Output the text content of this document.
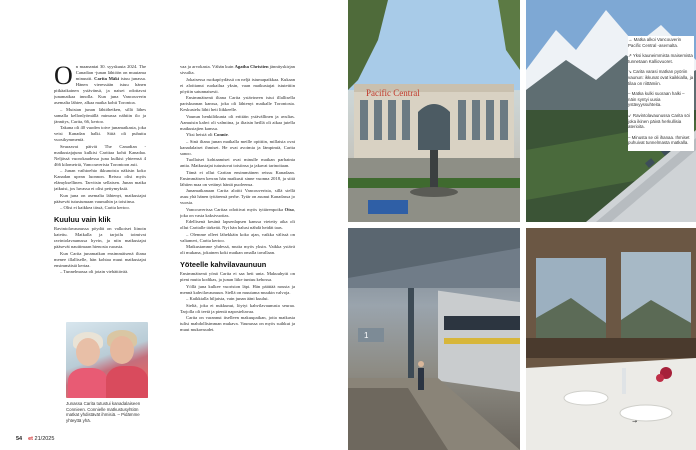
O n maanantai 30. syyskuuta 2024. The Canadian -junan lähtöön on muutama minuutti. Carita Mäki istuu junassa. Hänen vieressään istuu hänen pitkäaikainen ystävänsä, ja naiset odottavat junamatkaa innolla. Kun juna Vancouverin asemalta lähtee, alkaa matka kohti Torontoa.

– Muistan junan lähtöhetken, sillä lähes samalla kellonlyömällä minussa nähtiin ilo ja jännitys, Carita, 66, kertoo.

Takana oli 40 vuoden toive junamatkasta, joka veisi Kanadan halki. Siitä oli puhuttu vuosikymmeniä.

Seuraavat päivät The Canadian -matkustajajuna kulkisi Carittaa kohti Kanadaa. Neljässä vuorokaudessa juna kulkisi yhteensä 4 466 kilometriä, Vancouverista Torontoon asti.

– Junan vaihtoehto ikkunoista näkisin koko Kanadan upean luonnon. Reissu olisi myös elämyksellinen. Tarvitsin sellaisen. Junan matka jatkuisi, jos luvassa ei olisi pettymyksiä.

Kun juna on asemalta lähtenyt, matkustajat pääsevät tutustumaan vaunuihin ja toisiinsa.

– Olisi ei kaikkea tässä, Carita kertoo.

Kuuluu vain klik

Ravintolavaunussa pöydät on valkoiset liinoin katettu. Matkalla ja tarjoilu toimivat ravintolavaunussa hyvin, ja niin matkustajat pääsevät nauttimaan hienosta ruoasta.

Kun Carita junamatkan ensimmäisenä iltana menee illalliselle, hän kohtaa muut matkustajat ensimmäistä kertaa.

– Tunnelmassa oli jotain viehättävää.

Junassa Carita tutustui kanadalaiseen Connieen. Connielle matkustusyhtiön matkat yhdistävät ihmisiä. – Pidämme yhteyttä yhä.

vaa ja arvokasta. Vähän kuin Agatha Christien jännityskirjan sivuilta.

Jokaisessa ruokapöydässä on neljä istumapaikkaa. Kukaan ei aloittanut ruokailua yksin, vaan matkustajat istutettiin pöytiin satunnaisesti.

Ensimmäisenä iltana Carita ystävineen istui illallisella pariskunnan kanssa, joka oli lähtenyt matkalle Torontosta. Keskustelu lähti heti liikkeelle.

Vaunun henkilökunta oli erittäin ystävällinen ja avulias. Aamuisin kahvi oli valmiina, ja iltaisin heillä oli aikaa jutella matkustajien kanssa.

Yksi heistä oli Connie.

– Sinä iltana junan matkalla meille opittiin, millaisia ovat kanadalaiset ihmiset. He ovat avoimia ja lämpimiä, Carita sanoo.

Tuollaiset kohtaamiset ovat minulle matkan parhainta antia. Matkustajat tutustuvat toisiinsa ja jakavat tarinoitaan.

Tämä ei ollut Caritan ensimmäinen reissu Kanadaan. Ensimmäisen kerran hän matkusti sinne vuonna 2018, ja siitä lähtien maa on vetänyt häntä puoleensa.

Junamatkanaan Carita aloitti Vancouverista, sillä siellä asuu yhä hänen tyttärensä perhe. Tytär on asunut Kanadassa jo vuosia.

Vancouverissa Caritaa odottivat myös tyttärenpoika Otso, joka on vasta kaksivuotias.

Edellisenä kesänä lapsenlapsen kanssa vietetty aika oli ollut Caritalle tärkeää. Nyt hän halusi nähdä heidät taas.

– Olemme olleet lähekkäin koko ajan, vaikka välissä on valtameri, Carita kertoo.

Matkustamme yhdessä, mutta myös yksin. Vaikka ystävä oli mukana, jokainen koki matkan omalla tavallaan.

Yöteelle kahvilavaunuun

Ensimmäisenä yönä Carita ei saa heti unta. Makuuhytti on pieni mutta kodikas, ja junan liike tuntuu kehossa.

Yöllä juna kulkee vuoriston läpi. Hän päättää nousta ja mennä kahvilavaunuun. Siellä on muutama muukin valvoja.

– Kaikkialla hiljaista, vain junan ääni kuului.

Sieltä, joka ei nukkunut, löytyi kahvilavaunusta seuraa. Tarjolla oli teetä ja pientä naposteltavaa.

Carita on varannut itselleen makuupaikan, jotta matkasta tulisi mahdollisimman mukava. Vaunussa on myös suihkut ja muut mukavuudet.

54 et 21/2025
Pacific Central
1

→ Matka alkoi Vancouverin Pacific Central -asemalta.

↗ Yksi kauneimmista maisemista tunnetaan Kalliovuoret.

↘ Carita varasi matkan pyöriin vaunun: ikkunat ovat kaikkialla, ja tilaa on riittämiin.

– Matka kulki suoraan halki – näin syntyi uusia ystävyyssuhteita.

↙ Ravintolavaunussa Carita söi joka ikinen päivä herkullisia aterioita.

– Minusta se oli ihanaa. Ihmiset puhuivat tunnelmasta matkalla.

→
